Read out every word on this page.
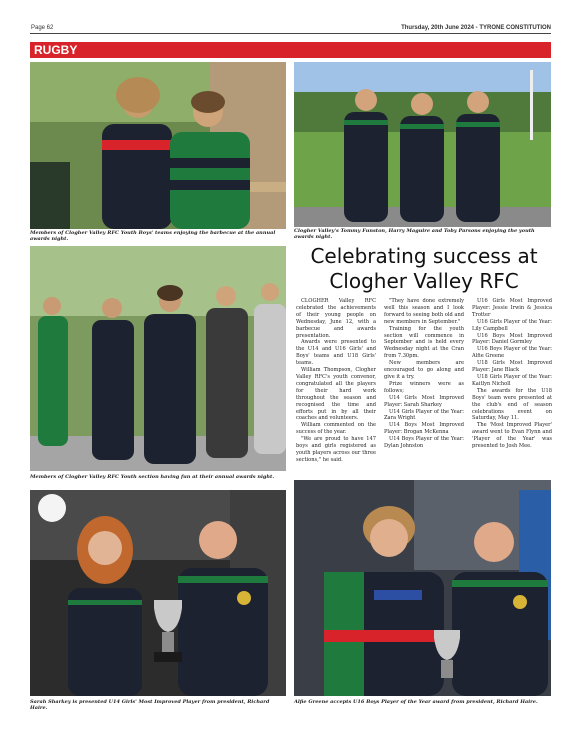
Page 62	Thursday, 20th June 2024 - TYRONE CONSTITUTION
RUGBY
Members of Clogher Valley RFC Youth Boys' teams enjoying the barbecue at the annual awards night.
Clogher Valley's Tommy Funston, Harry Maguire and Toby Parsons enjoying the youth awards night.
Members of Clogher Valley RFC Youth section having fun at their annual awards night.
Celebrating success at
Clogher Valley RFC

CLOGHER Valley RFC celebrated the achievements of their young people on Wednesday, June 12, with a barbecue and awards presentation.

Awards were presented to the U14 and U16 Girls' and Boys' teams and U18 Girls' teams.

William Thompson, Clogher Valley RFC's youth convenor, congratulated all the players for their hard work throughout the season and recognised the time and efforts put in by all their coaches and volunteers.

William commented on the success of the year.

"We are proud to have 147 boys and girls registered as youth players across our three sections," he said.

"They have done extremely well this season and I look forward to seeing both old and new members in September."

Training for the youth section will commence in September and is held every Wednesday night at the Cran from 7.30pm.

New members are encouraged to go along and give it a try.

Prize winners were as follows;

U14 Girls Most Improved Player: Sarah Sharkey

U14 Girls Player of the Year: Zara Wright

U14 Boys Most Improved Player: Brogan McKenna

U14 Boys Player of the Year: Dylan Johnston

U16 Girls Most Improved Player: Jessie Irwin & Jessica Trotter

U16 Girls Player of the Year: Lily Campbell

U16 Boys Most Improved Player: Daniel Gormley

U16 Boys Player of the Year: Alfie Greene

U18 Girls Most Improved Player: Jane Black

U18 Girls Player of the Year: Kaitlyn Nicholl

The awards for the U18 Boys' team were presented at the club's end of season celebrations event on Saturday, May 11.

The 'Most Improved Player' award went to Evan Flynn and 'Player of the Year' was presented to Josh Mee.

Sarah Sharkey is presented U14 Girls' Most Improved Player from president, Richard Haire.
Alfie Greene accepts U16 Boys Player of the Year award from president, Richard Haire.
